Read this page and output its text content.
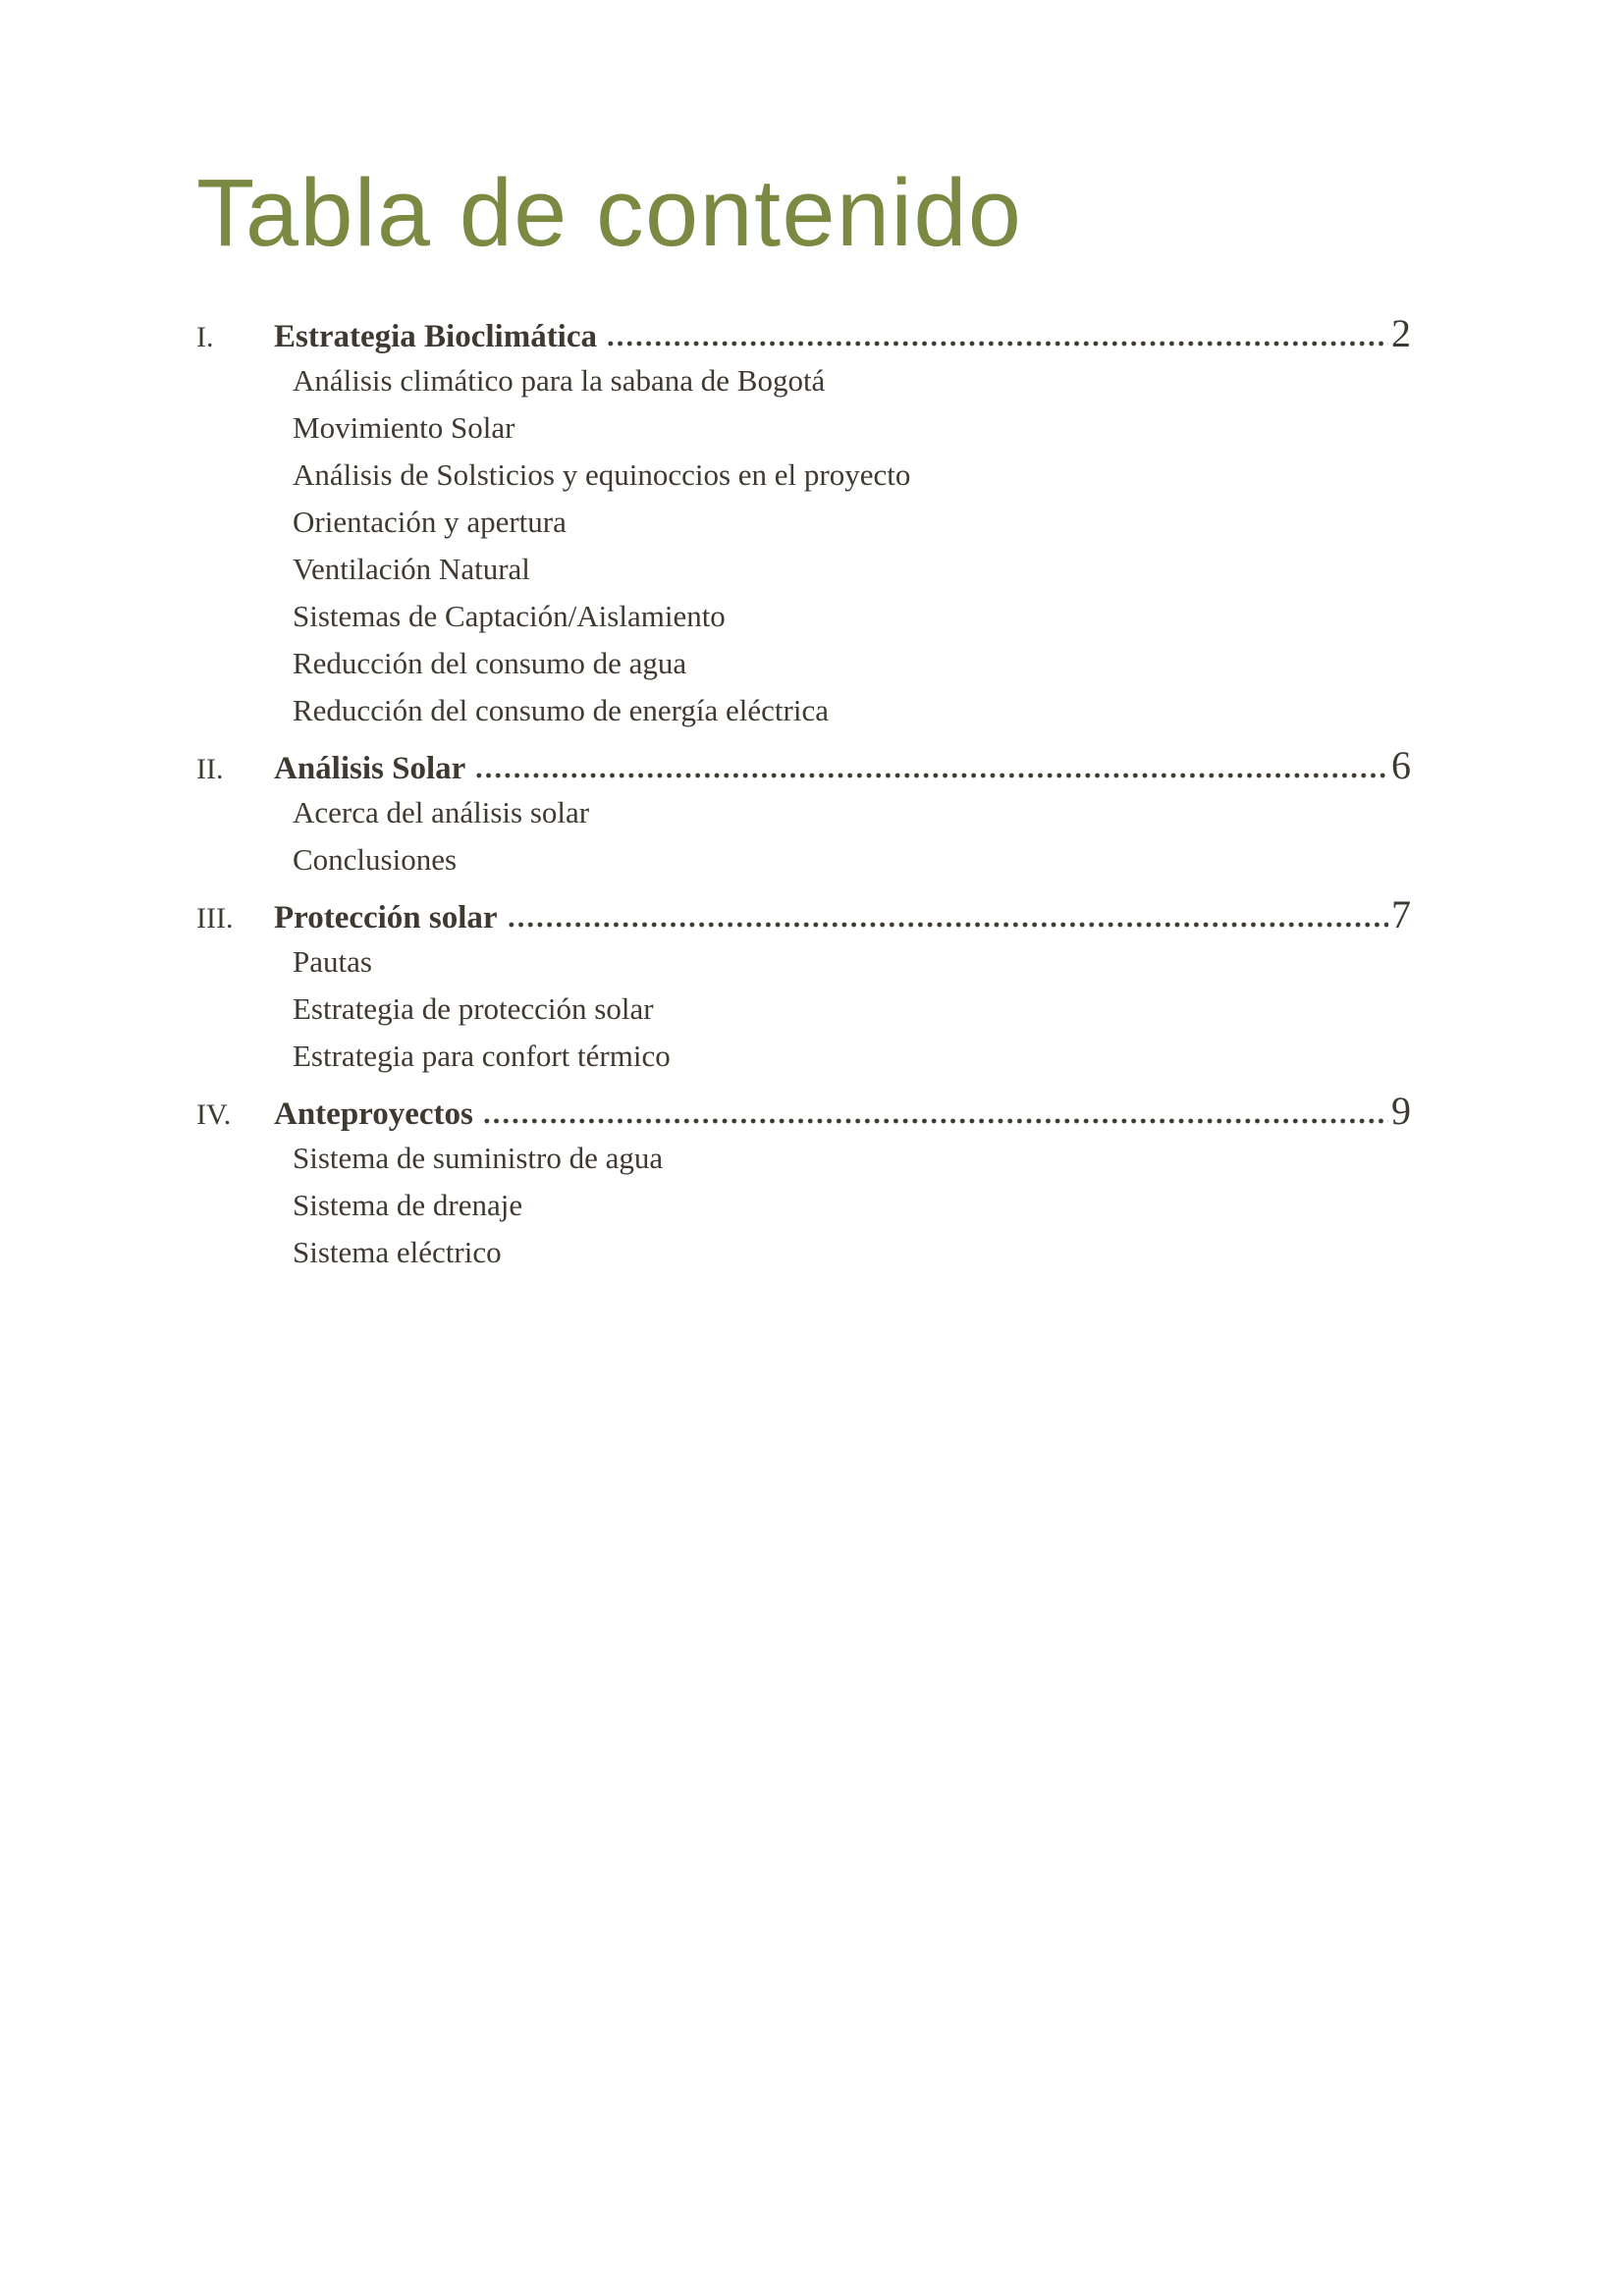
Tabla de contenido
I.	Estrategia Bioclimática	2
Análisis climático para la sabana de Bogotá
Movimiento Solar
Análisis de Solsticios y equinoccios en el proyecto
Orientación y apertura
Ventilación Natural
Sistemas de Captación/Aislamiento
Reducción del consumo de agua
Reducción del consumo de energía eléctrica
II.	Análisis Solar	6
Acerca del análisis solar
Conclusiones
III.	Protección solar	7
Pautas
Estrategia de protección solar
Estrategia para confort térmico
IV.	Anteproyectos	9
Sistema de suministro de agua
Sistema de drenaje
Sistema eléctrico
